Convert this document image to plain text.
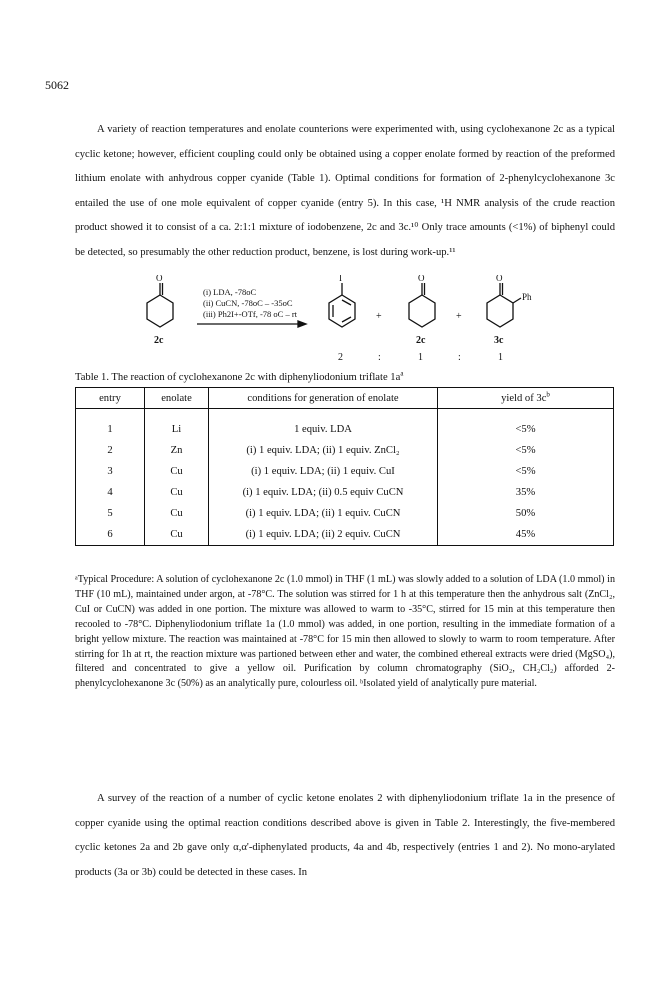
5062

A variety of reaction temperatures and enolate counterions were experimented with, using cyclohexanone 2c as a typical cyclic ketone; however, efficient coupling could only be obtained using a copper enolate formed by reaction of the preformed lithium enolate with anhydrous copper cyanide (Table 1). Optimal conditions for formation of 2-phenylcyclohexanone 3c entailed the use of one mole equivalent of copper cyanide (entry 5). In this case, ¹H NMR analysis of the crude reaction product showed it to consist of a ca. 2:1:1 mixture of iodobenzene, 2c and 3c.¹⁰ Only trace amounts (<1%) of biphenyl could be detected, so presumably the other reduction product, benzene, is lost during work-up.¹¹

O	I	O	O
Ph
(i) LDA, -78oC
(ii) CuCN, -78oC – -35oC
(iii) Ph2I+-OTf, -78 oC – rt	+	+
2c	2c	3c
2	:	1	:	1
Table 1. The reaction of cyclohexanone 2c with diphenyliodonium triflate $1a^a$
entry	enolate	conditions for generation of enolate	yield of $3c^b$
1	Li	1 equiv. LDA	<5%
2	Zn	(i) 1 equiv. LDA; (ii) 1 equiv. ZnCl₂	<5%
3	Cu	(i) 1 equiv. LDA; (ii) 1 equiv. CuI	<5%
4	Cu	(i) 1 equiv. LDA; (ii) 0.5 equiv CuCN	35%
5	Cu	(i) 1 equiv. LDA; (ii) 1 equiv. CuCN	50%
6	Cu	(i) 1 equiv. LDA; (ii) 2 equiv. CuCN	45%
ᵃTypical Procedure: A solution of cyclohexanone 2c (1.0 mmol) in THF (1 mL) was slowly added to a solution of LDA (1.0 mmol) in THF (10 mL), maintained under argon, at -78°C. The solution was stirred for 1 h at this temperature then the anhydrous salt (ZnCl₂, CuI or CuCN) was added in one portion. The mixture was allowed to warm to -35°C, stirred for 15 min at this temperature then recooled to -78°C. Diphenyliodonium triflate 1a (1.0 mmol) was added, in one portion, resulting in the immediate formation of a bright yellow mixture. The reaction was maintained at -78°C for 15 min then allowed to slowly to warm to room temperature. After stirring for 1h at rt, the reaction mixture was partioned between ether and water, the combined ethereal extracts were dried (MgSO₄), filtered and concentrated to give a yellow oil. Purification by column chromatography (SiO₂, CH₂Cl₂) afforded 2-phenylcyclohexanone 3c (50%) as an analytically pure, colourless oil. ᵇIsolated yield of analytically pure material.

A survey of the reaction of a number of cyclic ketone enolates 2 with diphenyliodonium triflate 1a in the presence of copper cyanide using the optimal reaction conditions described above is given in Table 2. Interestingly, the five-membered cyclic ketones 2a and 2b gave only α,α'-diphenylated products, 4a and 4b, respectively (entries 1 and 2). No mono-arylated products (3a or 3b) could be detected in these cases. In
